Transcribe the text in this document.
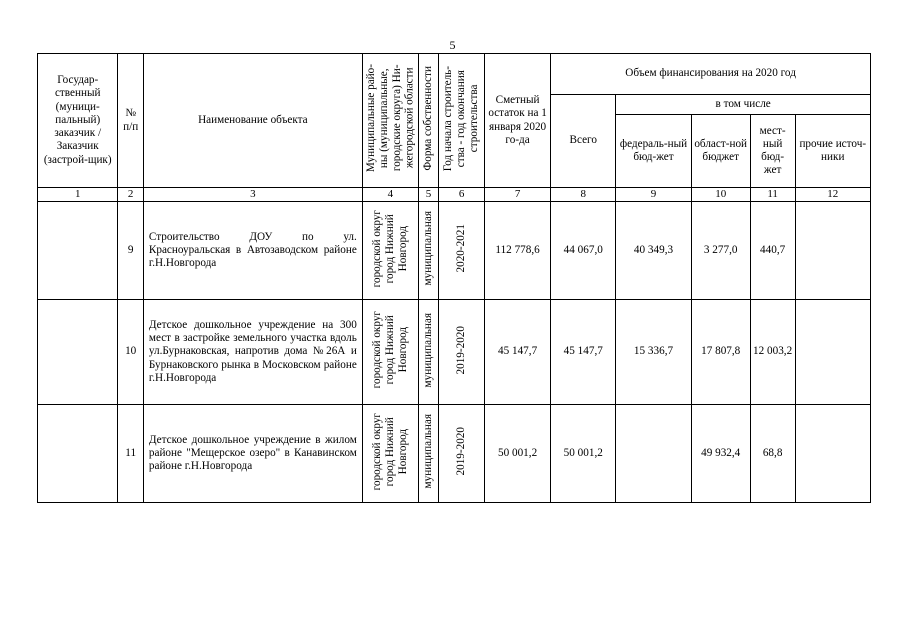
5
Государ-ственный (муници-пальный) заказчик / Заказчик (застрой-щик)	№ п/п	Наименование объекта	Муниципальные райо-
ны (муниципальные,
городские округа) Ни-
жегородской области	Форма собственности	Год начала строитель-
ства - год окончания
строительства	Сметный остаток на 1 января 2020 го-да	Объем финансирования на 2020 год				
							Всего	в том числе			
								федераль-ный бюд-жет	област-ной бюджет	мест-ный бюд-жет	прочие источ-ники
1	2	3	4	5	6	7	8	9	10	11	12
	9	Строительство ДОУ по ул. Красноуральская в Автозаводском районе г.Н.Новгорода	городской округ
город Нижний
Новгород	муниципальная	2020-2021	112 778,6	44 067,0	40 349,3	3 277,0	440,7	
	10	Детское дошкольное учреждение на 300 мест в застройке земельного участка вдоль ул.Бурнаковская, напротив дома №26А и Бурнаковского рынка в Московском районе г.Н.Новгорода	городской округ
город Нижний
Новгород	муниципальная	2019-2020	45 147,7	45 147,7	15 336,7	17 807,8	12 003,2	
	11	Детское дошкольное учреждение в жилом районе "Мещерское озеро" в Канавинском районе г.Н.Новгорода	городской округ
город Нижний
Новгород	муниципальная	2019-2020	50 001,2	50 001,2		49 932,4	68,8	
